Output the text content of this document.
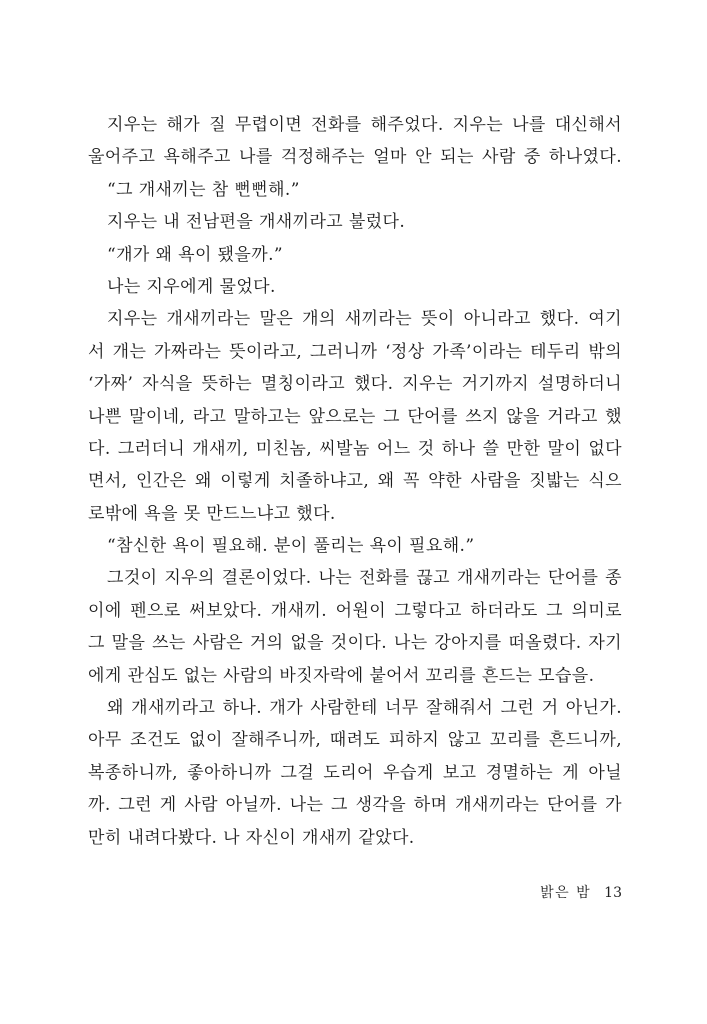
지우는 해가 질 무렵이면 전화를 해주었다. 지우는 나를 대신해서

울어주고 욕해주고 나를 걱정해주는 얼마 안 되는 사람 중 하나였다.

“그 개새끼는 참 뻔뻔해.”

지우는 내 전남편을 개새끼라고 불렀다.

“개가 왜 욕이 됐을까.”

나는 지우에게 물었다.

지우는 개새끼라는 말은 개의 새끼라는 뜻이 아니라고 했다. 여기

서 개는 가짜라는 뜻이라고, 그러니까 ‘정상 가족’이라는 테두리 밖의

‘가짜’ 자식을 뜻하는 멸칭이라고 했다. 지우는 거기까지 설명하더니

나쁜 말이네, 라고 말하고는 앞으로는 그 단어를 쓰지 않을 거라고 했

다. 그러더니 개새끼, 미친놈, 씨발놈 어느 것 하나 쓸 만한 말이 없다

면서, 인간은 왜 이렇게 치졸하냐고, 왜 꼭 약한 사람을 짓밟는 식으

로밖에 욕을 못 만드느냐고 했다.

“참신한 욕이 필요해. 분이 풀리는 욕이 필요해.”

그것이 지우의 결론이었다. 나는 전화를 끊고 개새끼라는 단어를 종

이에 펜으로 써보았다. 개새끼. 어원이 그렇다고 하더라도 그 의미로

그 말을 쓰는 사람은 거의 없을 것이다. 나는 강아지를 떠올렸다. 자기

에게 관심도 없는 사람의 바짓자락에 붙어서 꼬리를 흔드는 모습을.

왜 개새끼라고 하나. 개가 사람한테 너무 잘해줘서 그런 거 아닌가.

아무 조건도 없이 잘해주니까, 때려도 피하지 않고 꼬리를 흔드니까,

복종하니까, 좋아하니까 그걸 도리어 우습게 보고 경멸하는 게 아닐

까. 그런 게 사람 아닐까. 나는 그 생각을 하며 개새끼라는 단어를 가

만히 내려다봤다. 나 자신이 개새끼 같았다.

밝은 밤 13
